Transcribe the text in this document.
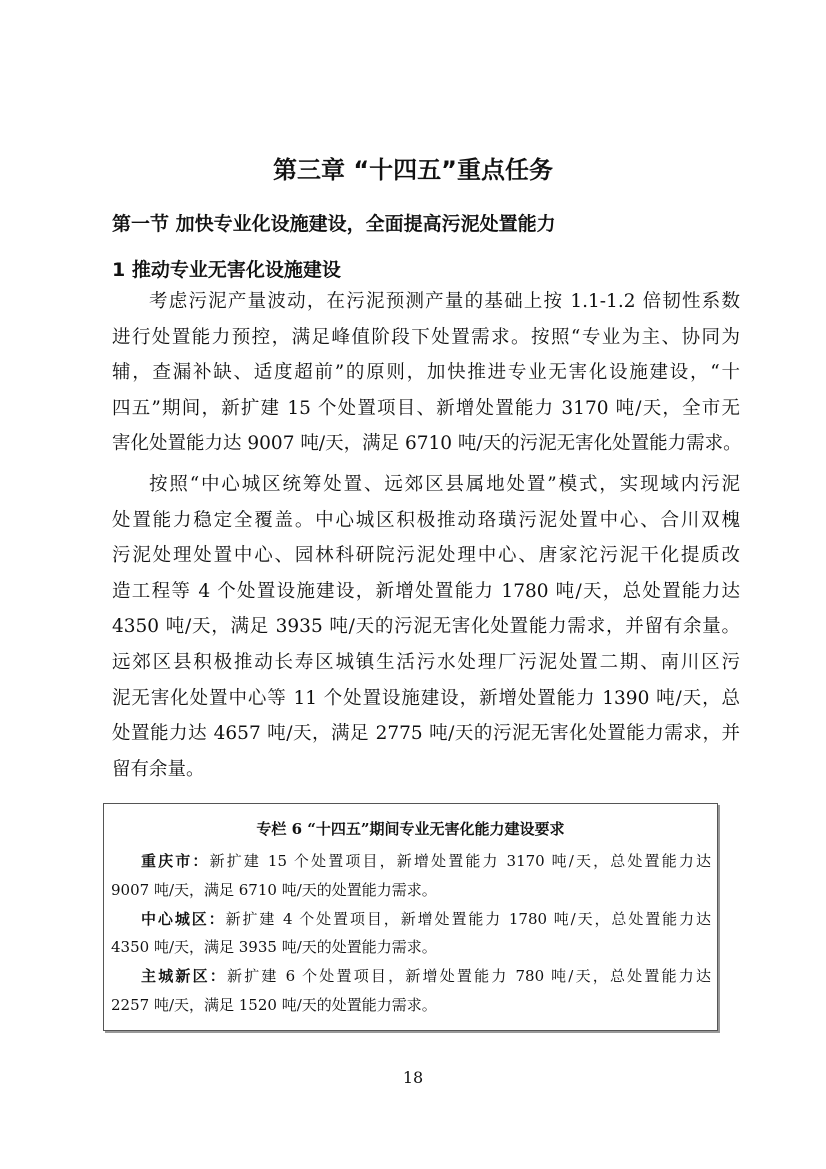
第三章 “十四五”重点任务
第一节 加快专业化设施建设，全面提高污泥处置能力
1 推动专业无害化设施建设
考虑污泥产量波动，在污泥预测产量的基础上按 1.1-1.2 倍韧性系数
进行处置能力预控，满足峰值阶段下处置需求。按照“专业为主、协同为
辅，查漏补缺、适度超前”的原则，加快推进专业无害化设施建设，“十
四五”期间，新扩建 15 个处置项目、新增处置能力 3170 吨/天，全市无
害化处置能力达 9007 吨/天，满足 6710 吨/天的污泥无害化处置能力需求。
按照“中心城区统筹处置、远郊区县属地处置”模式，实现域内污泥
处置能力稳定全覆盖。中心城区积极推动珞璜污泥处置中心、合川双槐
污泥处理处置中心、园林科研院污泥处理中心、唐家沱污泥干化提质改
造工程等 4 个处置设施建设，新增处置能力 1780 吨/天，总处置能力达
4350 吨/天，满足 3935 吨/天的污泥无害化处置能力需求，并留有余量。
远郊区县积极推动长寿区城镇生活污水处理厂污泥处置二期、南川区污
泥无害化处置中心等 11 个处置设施建设，新增处置能力 1390 吨/天，总
处置能力达 4657 吨/天，满足 2775 吨/天的污泥无害化处置能力需求，并
留有余量。
专栏 6 “十四五”期间专业无害化能力建设要求
重庆市：新扩建 15 个处置项目，新增处置能力 3170 吨/天，总处置能力达
9007 吨/天，满足 6710 吨/天的处置能力需求。
中心城区：新扩建 4 个处置项目，新增处置能力 1780 吨/天，总处置能力达
4350 吨/天，满足 3935 吨/天的处置能力需求。
主城新区：新扩建 6 个处置项目，新增处置能力 780 吨/天，总处置能力达
2257 吨/天，满足 1520 吨/天的处置能力需求。
18
